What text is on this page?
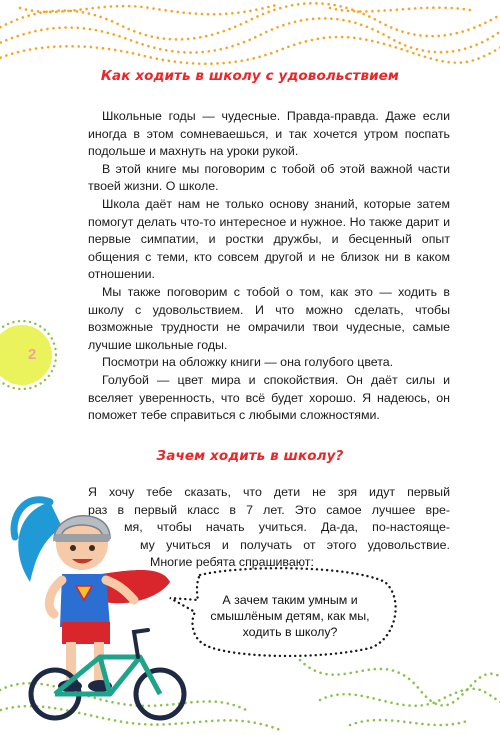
2
Как ходить в школу с удовольствием

Школьные годы — чудесные. Правда-правда. Даже если иногда в этом сомневаешься, и так хочется утром поспать подольше и махнуть на уроки рукой.

В этой книге мы поговорим с тобой об этой важной части твоей жизни. О школе.

Школа даёт нам не только основу знаний, которые затем помогут делать что-то интересное и нужное. Но также дарит и первые симпатии, и ростки дружбы, и бесценный опыт общения с теми, кто совсем другой и не близок ни в каком отношении.

Мы также поговорим с тобой о том, как это — ходить в школу с удовольствием. И что можно сделать, чтобы возможные трудности не омрачили твои чудесные, самые лучшие школьные годы.

Посмотри на обложку книги — она голубого цвета.

Голубой — цвет мира и спокойствия. Он даёт силы и вселяет уверенность, что всё будет хорошо. Я надеюсь, он поможет тебе справиться с любыми сложностями.

Зачем ходить в школу?
Я хочу тебе сказать, что дети не зря идут первый
раз в первый класс в 7 лет. Это самое лучшее вре-
мя, чтобы начать учиться. Да-да, по-настояще-
му учиться и получать от этого удовольствие.
Многие ребята спрашивают:
А зачем таким умным и смышлёным детям, как мы, ходить в школу?
